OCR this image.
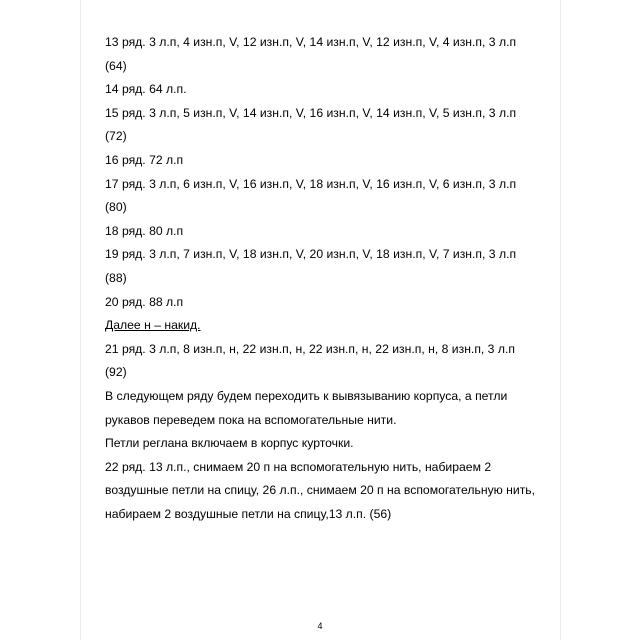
13 ряд. 3 л.п, 4 изн.п, V, 12 изн.п, V, 14 изн.п, V, 12 изн.п, V, 4 изн.п, 3 л.п
(64)
14 ряд. 64 л.п.
15 ряд. 3 л.п, 5 изн.п, V, 14 изн.п, V, 16 изн.п, V, 14 изн.п, V, 5 изн.п, 3 л.п
(72)
16 ряд. 72 л.п
17 ряд. 3 л.п, 6 изн.п, V, 16 изн.п, V, 18 изн.п, V, 16 изн.п, V, 6 изн.п, 3 л.п
(80)
18 ряд. 80 л.п
19 ряд. 3 л.п, 7 изн.п, V, 18 изн.п, V, 20 изн.п, V, 18 изн.п, V, 7 изн.п, 3 л.п
(88)
20 ряд. 88 л.п
Далее н – накид.
21 ряд. 3 л.п, 8 изн.п, н, 22 изн.п, н, 22 изн.п, н, 22 изн.п, н, 8 изн.п, 3 л.п
(92)
В следующем ряду будем переходить к вывязыванию корпуса, а петли
рукавов переведем пока на вспомогательные нити.
Петли реглана включаем в корпус курточки.
22 ряд. 13 л.п., снимаем 20 п на вспомогательную нить, набираем 2
воздушные петли на спицу, 26 л.п., снимаем 20 п на вспомогательную нить,
набираем 2 воздушные петли на спицу,13 л.п. (56)
4
